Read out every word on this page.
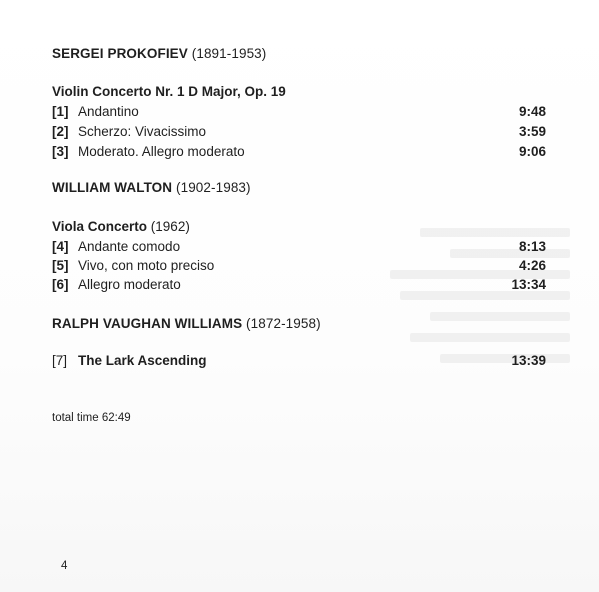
SERGEI PROKOFIEV (1891-1953)
Violin Concerto Nr. 1 D Major, Op. 19
[1] Andantino	9:48
[2] Scherzo: Vivacissimo	3:59
[3] Moderato. Allegro moderato	9:06
WILLIAM WALTON (1902-1983)
Viola Concerto (1962)
[4] Andante comodo	8:13
[5] Vivo, con moto preciso	4:26
[6] Allegro moderato	13:34
RALPH VAUGHAN WILLIAMS (1872-1958)
[7] The Lark Ascending	13:39
total time 62:49
4
